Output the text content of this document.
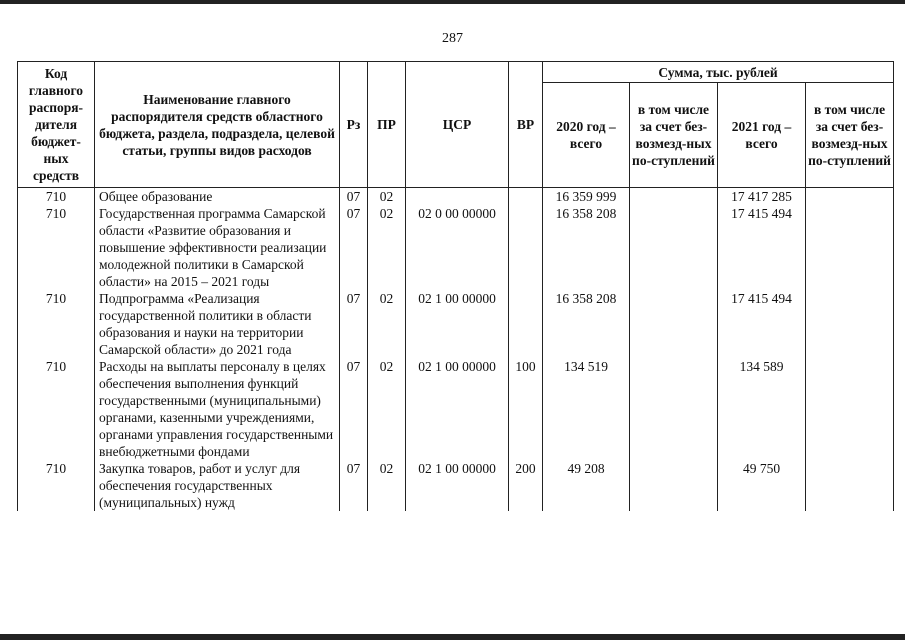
287
Код главного распоря-дителя бюджет-ных средств	Наименование главного распорядителя средств областного бюджета, раздела, подраздела, целевой статьи, группы видов расходов	Рз	ПР	ЦСР	ВР	Сумма, тыс. рублей			
						2020 год – всего	в том числе за счет без-возмезд-ных по-ступлений	2021 год – всего	в том числе за счет без-возмезд-ных по-ступлений
710	Общее образование	07	02			16 359 999		17 417 285	
710	Государственная программа Самарской области «Развитие образования и повышение эффективности реализации молодежной политики в Самарской области» на 2015 – 2021 годы	07	02	02 0 00 00000		16 358 208		17 415 494	
710	Подпрограмма «Реализация государственной политики в области образования и науки на территории Самарской области» до 2021 года	07	02	02 1 00 00000		16 358 208		17 415 494	
710	Расходы на выплаты персоналу в целях обеспечения выполнения функций государственными (муниципальными) органами, казенными учреждениями, органами управления государственными внебюджетными фондами	07	02	02 1 00 00000	100	134 519		134 589	
710	Закупка товаров, работ и услуг для обеспечения государственных (муниципальных) нужд	07	02	02 1 00 00000	200	49 208		49 750	
